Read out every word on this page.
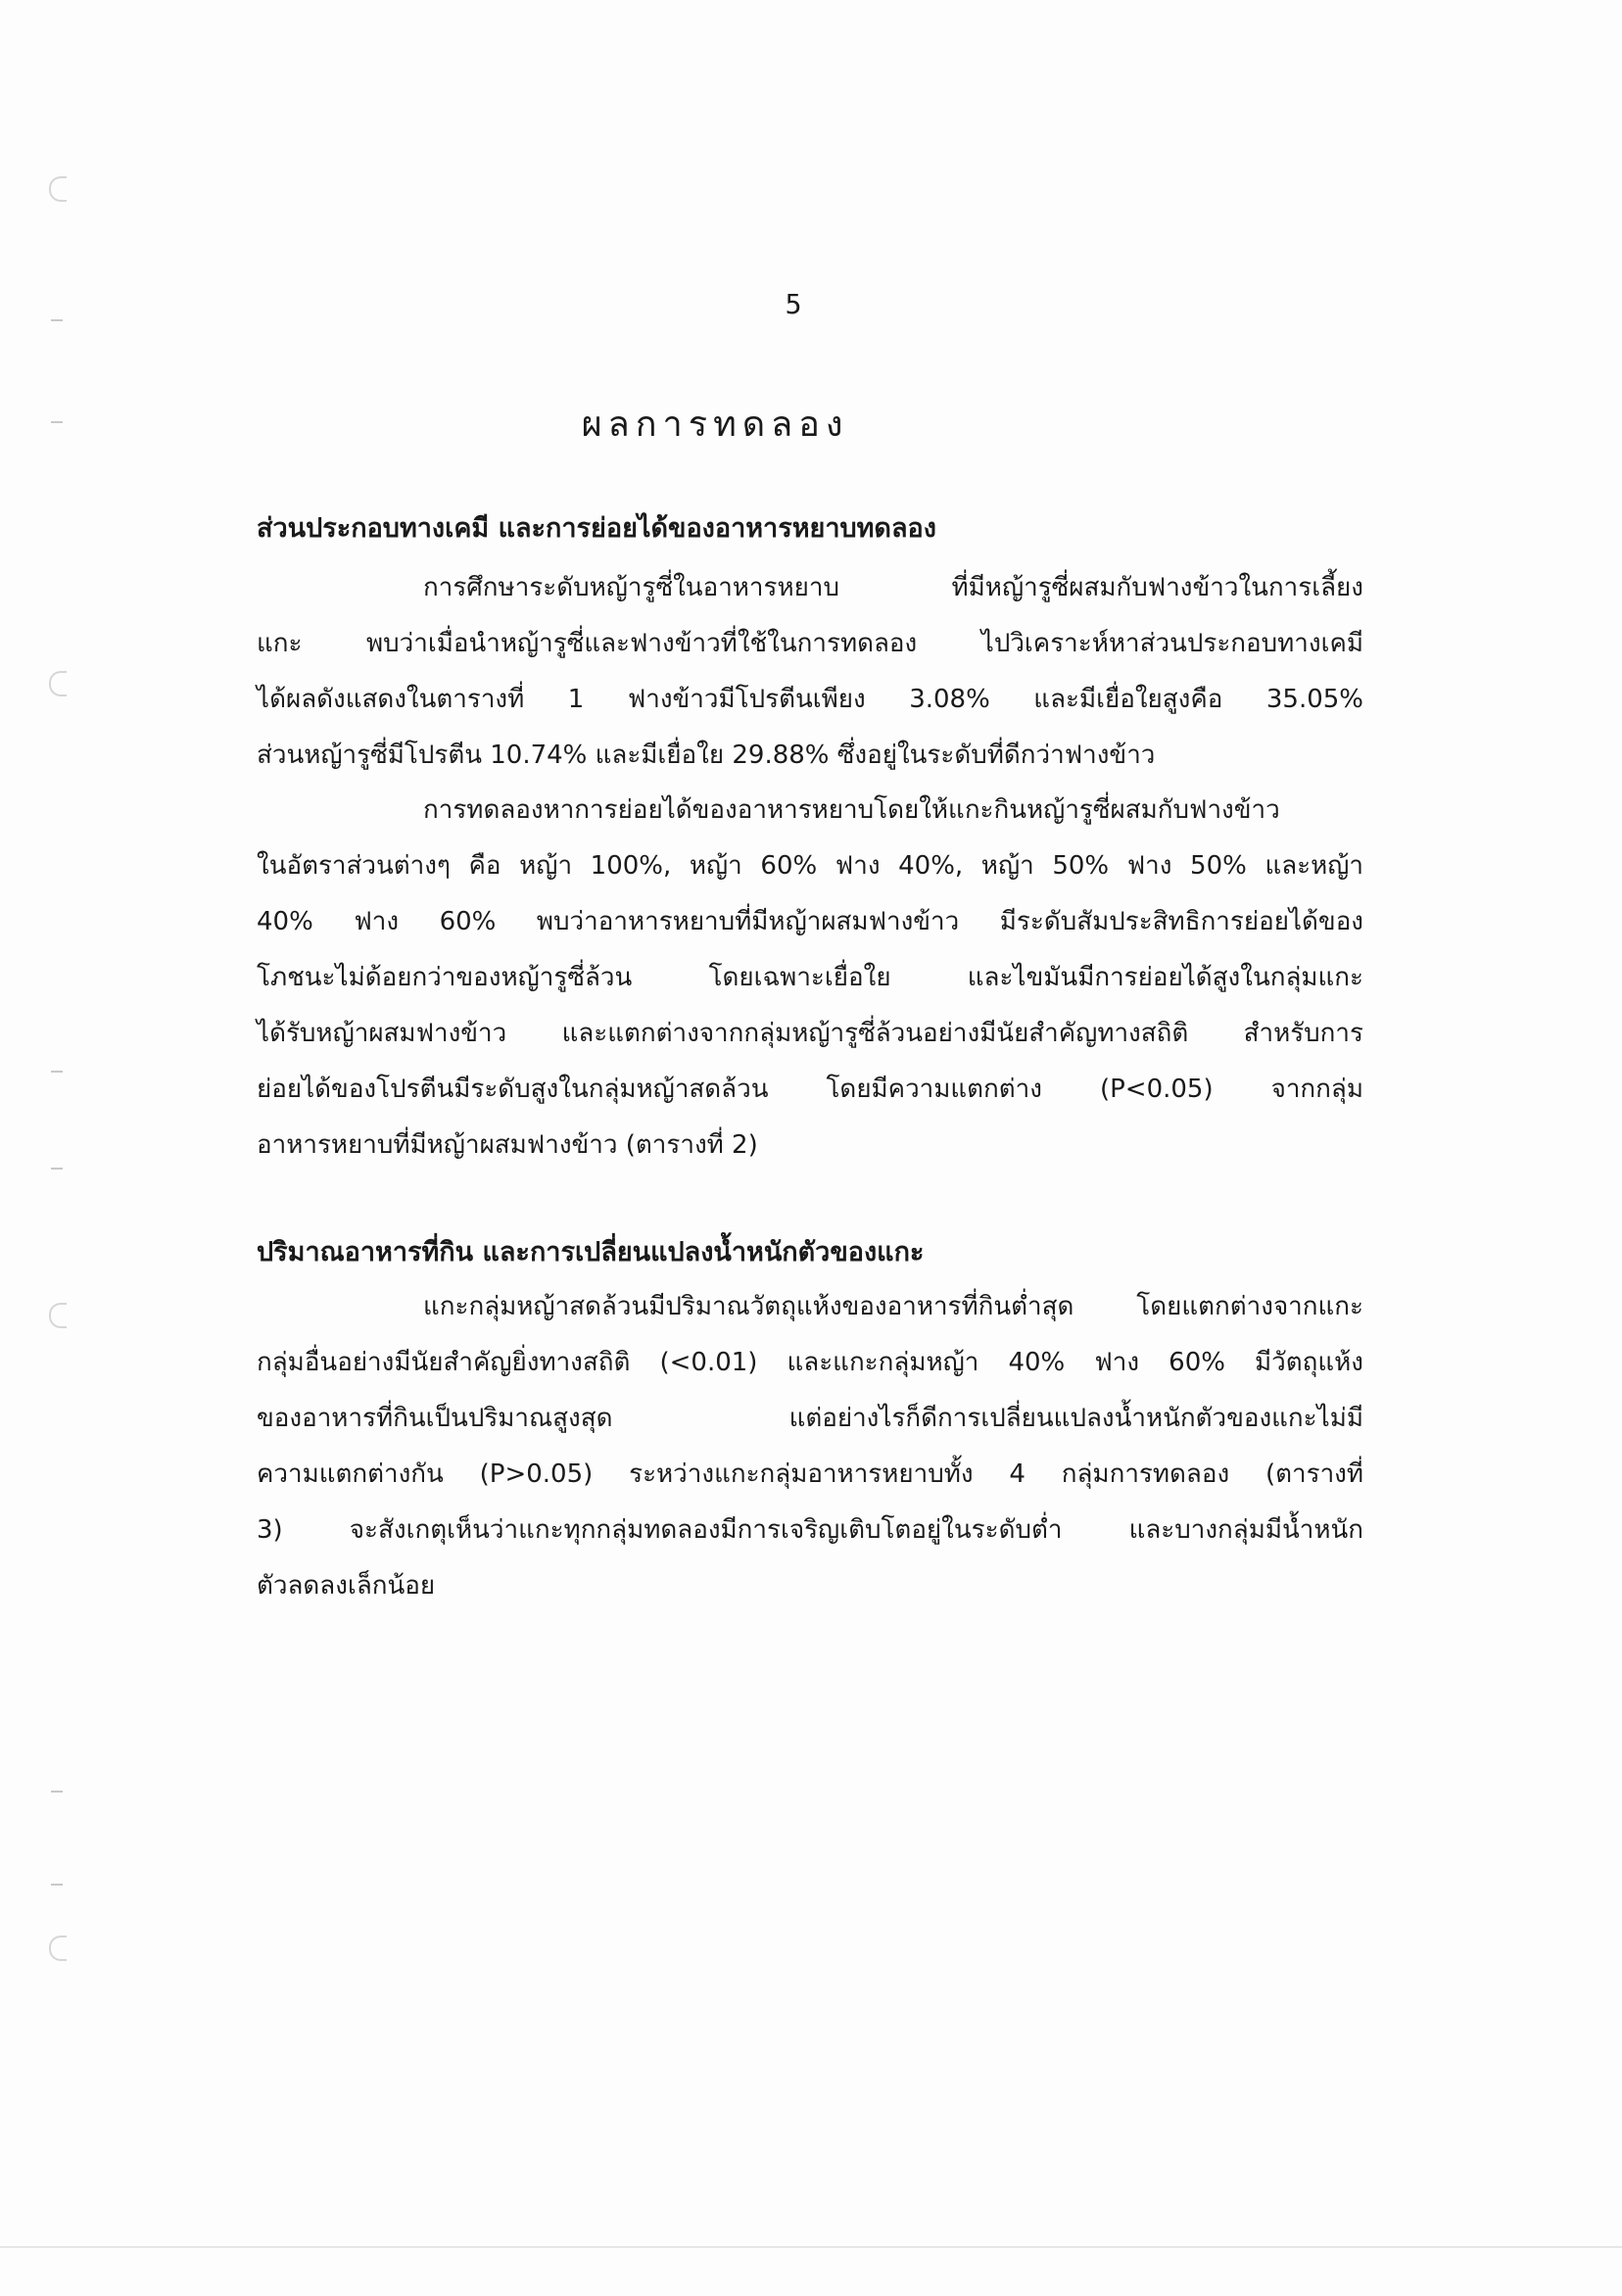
5
ผลการทดลอง
ส่วนประกอบทางเคมี และการย่อยได้ของอาหารหยาบทดลอง
การศึกษาระดับหญ้ารูซี่ในอาหารหยาบ ที่มีหญ้ารูซี่ผสมกับฟางข้าวในการเลี้ยง
แกะ พบว่าเมื่อนำหญ้ารูซี่และฟางข้าวที่ใช้ในการทดลอง ไปวิเคราะห์หาส่วนประกอบทางเคมี
ได้ผลดังแสดงในตารางที่ 1 ฟางข้าวมีโปรตีนเพียง 3.08% และมีเยื่อใยสูงคือ 35.05%
ส่วนหญ้ารูซี่มีโปรตีน 10.74% และมีเยื่อใย 29.88% ซึ่งอยู่ในระดับที่ดีกว่าฟางข้าว
การทดลองหาการย่อยได้ของอาหารหยาบโดยให้แกะกินหญ้ารูซี่ผสมกับฟางข้าว
ในอัตราส่วนต่างๆ คือ หญ้า 100%, หญ้า 60% ฟาง 40%, หญ้า 50% ฟาง 50% และหญ้า
40% ฟาง 60% พบว่าอาหารหยาบที่มีหญ้าผสมฟางข้าว มีระดับสัมประสิทธิการย่อยได้ของ
โภชนะไม่ด้อยกว่าของหญ้ารูซี่ล้วน โดยเฉพาะเยื่อใย และไขมันมีการย่อยได้สูงในกลุ่มแกะ
ได้รับหญ้าผสมฟางข้าว และแตกต่างจากกลุ่มหญ้ารูซี่ล้วนอย่างมีนัยสำคัญทางสถิติ สำหรับการ
ย่อยได้ของโปรตีนมีระดับสูงในกลุ่มหญ้าสดล้วน โดยมีความแตกต่าง (P<0.05) จากกลุ่ม
อาหารหยาบที่มีหญ้าผสมฟางข้าว (ตารางที่ 2)
ปริมาณอาหารที่กิน และการเปลี่ยนแปลงน้ำหนักตัวของแกะ
แกะกลุ่มหญ้าสดล้วนมีปริมาณวัตถุแห้งของอาหารที่กินต่ำสุด โดยแตกต่างจากแกะ
กลุ่มอื่นอย่างมีนัยสำคัญยิ่งทางสถิติ (<0.01) และแกะกลุ่มหญ้า 40% ฟาง 60% มีวัตถุแห้ง
ของอาหารที่กินเป็นปริมาณสูงสุด แต่อย่างไรก็ดีการเปลี่ยนแปลงน้ำหนักตัวของแกะไม่มี
ความแตกต่างกัน (P>0.05) ระหว่างแกะกลุ่มอาหารหยาบทั้ง 4 กลุ่มการทดลอง (ตารางที่
3) จะสังเกตุเห็นว่าแกะทุกกลุ่มทดลองมีการเจริญเติบโตอยู่ในระดับต่ำ และบางกลุ่มมีน้ำหนัก
ตัวลดลงเล็กน้อย
